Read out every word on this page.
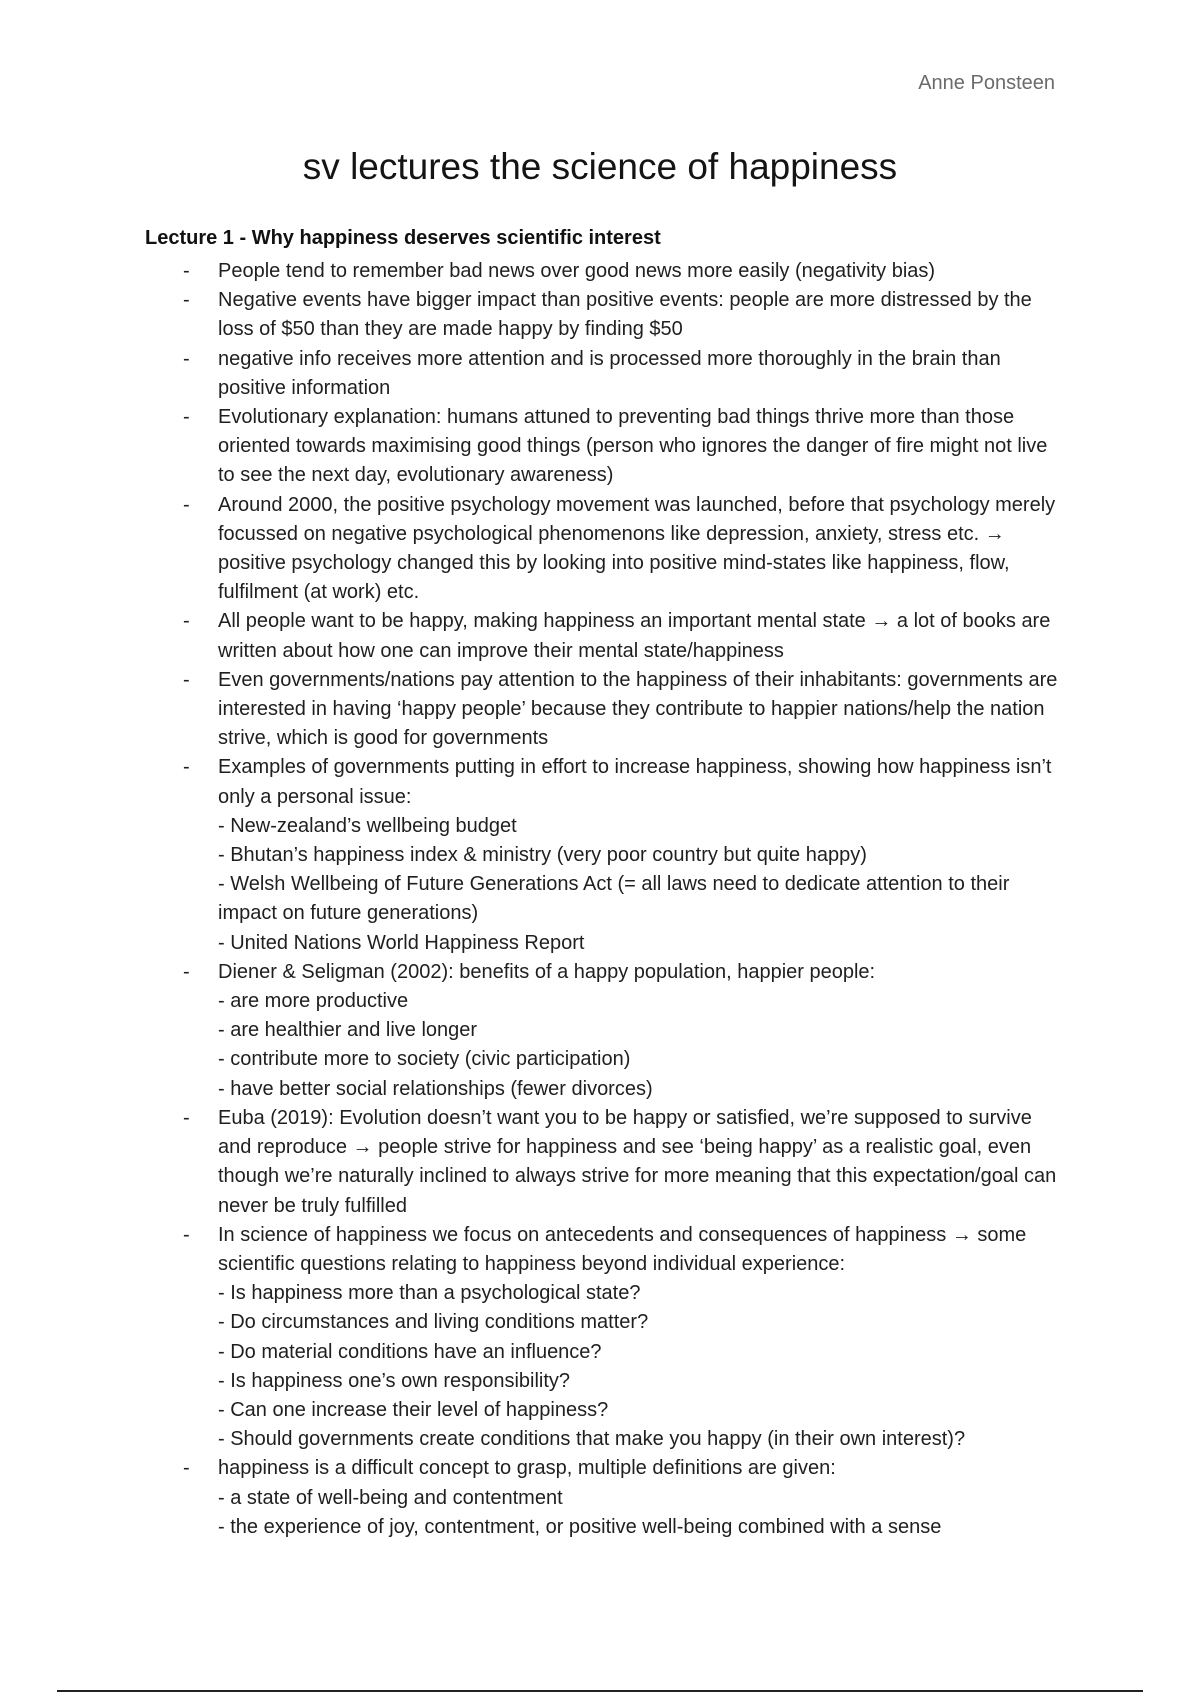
Anne Ponsteen
sv lectures the science of happiness
Lecture 1 - Why happiness deserves scientific interest
- People tend to remember bad news over good news more easily (negativity bias)
- Negative events have bigger impact than positive events: people are more distressed by the loss of $50 than they are made happy by finding $50
- negative info receives more attention and is processed more thoroughly in the brain than positive information
- Evolutionary explanation: humans attuned to preventing bad things thrive more than those oriented towards maximising good things (person who ignores the danger of fire might not live to see the next day, evolutionary awareness)
- Around 2000, the positive psychology movement was launched, before that psychology merely focussed on negative psychological phenomenons like depression, anxiety, stress etc. → positive psychology changed this by looking into positive mind-states like happiness, flow, fulfilment (at work) etc.
- All people want to be happy, making happiness an important mental state → a lot of books are written about how one can improve their mental state/happiness
- Even governments/nations pay attention to the happiness of their inhabitants: governments are interested in having ‘happy people’ because they contribute to happier nations/help the nation strive, which is good for governments
- Examples of governments putting in effort to increase happiness, showing how happiness isn’t only a personal issue:
- New-zealand’s wellbeing budget
- Bhutan’s happiness index & ministry (very poor country but quite happy)
- Welsh Wellbeing of Future Generations Act (= all laws need to dedicate attention to their impact on future generations)
- United Nations World Happiness Report
- Diener & Seligman (2002): benefits of a happy population, happier people:
- are more productive
- are healthier and live longer
- contribute more to society (civic participation)
- have better social relationships (fewer divorces)
- Euba (2019): Evolution doesn’t want you to be happy or satisfied, we’re supposed to survive and reproduce → people strive for happiness and see ‘being happy’ as a realistic goal, even though we’re naturally inclined to always strive for more meaning that this expectation/goal can never be truly fulfilled
- In science of happiness we focus on antecedents and consequences of happiness → some scientific questions relating to happiness beyond individual experience:
- Is happiness more than a psychological state?
- Do circumstances and living conditions matter?
- Do material conditions have an influence?
- Is happiness one’s own responsibility?
- Can one increase their level of happiness?
- Should governments create conditions that make you happy (in their own interest)?
- happiness is a difficult concept to grasp, multiple definitions are given:
- a state of well-being and contentment
- the experience of joy, contentment, or positive well-being combined with a sense
